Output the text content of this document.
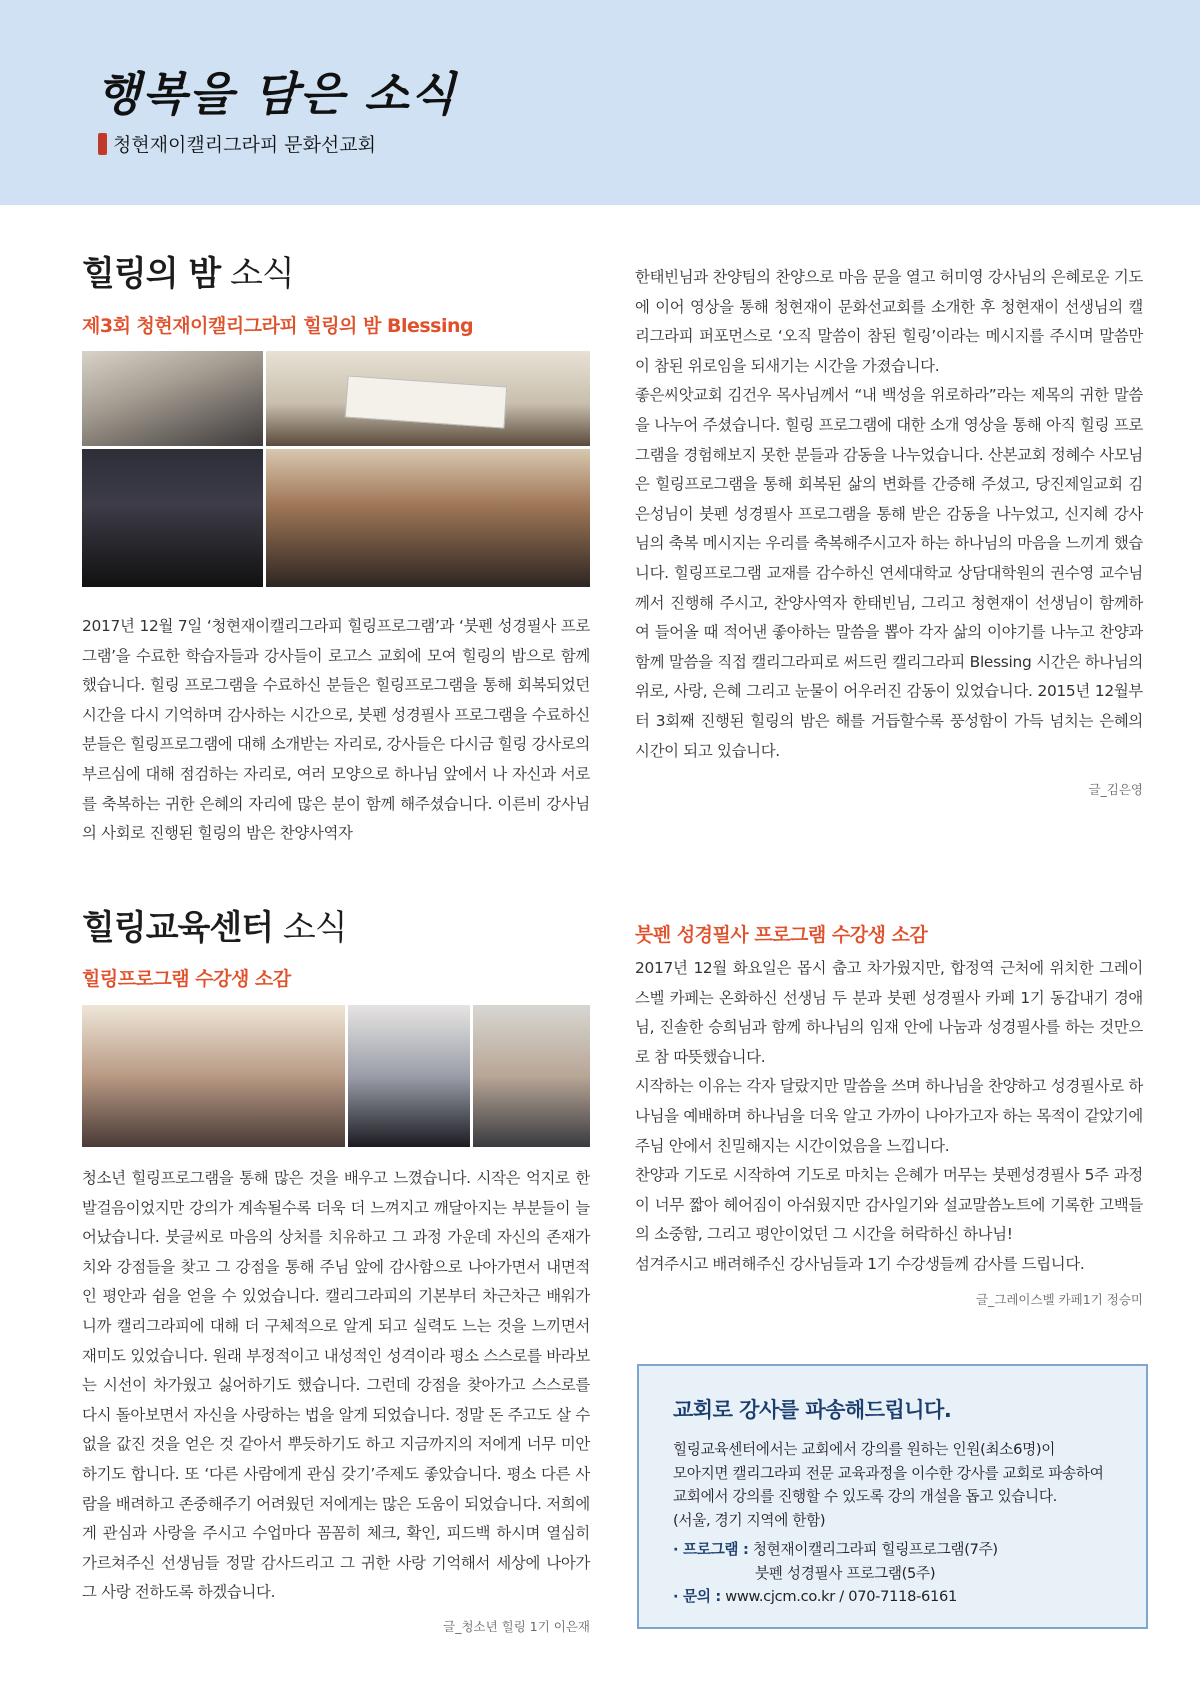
행복을 담은 소식
청현재이캘리그라피 문화선교회
힐링의 밤 소식
제3회 청현재이캘리그라피 힐링의 밤 Blessing
2017년 12월 7일 ‘청현재이캘리그라피 힐링프로그램’과 ‘붓펜 성경필사 프로그램’을 수료한 학습자들과 강사들이 로고스 교회에 모여 힐링의 밤으로 함께 했습니다. 힐링 프로그램을 수료하신 분들은 힐링프로그램을 통해 회복되었던 시간을 다시 기억하며 감사하는 시간으로, 붓펜 성경필사 프로그램을 수료하신 분들은 힐링프로그램에 대해 소개받는 자리로, 강사들은 다시금 힐링 강사로의 부르심에 대해 점검하는 자리로, 여러 모양으로 하나님 앞에서 나 자신과 서로를 축복하는 귀한 은혜의 자리에 많은 분이 함께 해주셨습니다. 이른비 강사님의 사회로 진행된 힐링의 밤은 찬양사역자

한태빈님과 찬양팀의 찬양으로 마음 문을 열고 허미영 강사님의 은혜로운 기도에 이어 영상을 통해 청현재이 문화선교회를 소개한 후 청현재이 선생님의 캘리그라피 퍼포먼스로 ‘오직 말씀이 참된 힐링’이라는 메시지를 주시며 말씀만이 참된 위로임을 되새기는 시간을 가졌습니다.

좋은씨앗교회 김건우 목사님께서 “내 백성을 위로하라”라는 제목의 귀한 말씀을 나누어 주셨습니다. 힐링 프로그램에 대한 소개 영상을 통해 아직 힐링 프로그램을 경험해보지 못한 분들과 감동을 나누었습니다. 산본교회 정혜수 사모님은 힐링프로그램을 통해 회복된 삶의 변화를 간증해 주셨고, 당진제일교회 김은성님이 붓펜 성경필사 프로그램을 통해 받은 감동을 나누었고, 신지혜 강사님의 축복 메시지는 우리를 축복해주시고자 하는 하나님의 마음을 느끼게 했습니다. 힐링프로그램 교재를 감수하신 연세대학교 상담대학원의 권수영 교수님께서 진행해 주시고, 찬양사역자 한태빈님, 그리고 청현재이 선생님이 함께하여 들어올 때 적어낸 좋아하는 말씀을 뽑아 각자 삶의 이야기를 나누고 찬양과 함께 말씀을 직접 캘리그라피로 써드린 캘리그라피 Blessing 시간은 하나님의 위로, 사랑, 은혜 그리고 눈물이 어우러진 감동이 있었습니다. 2015년 12월부터 3회째 진행된 힐링의 밤은 해를 거듭할수록 풍성함이 가득 넘치는 은혜의 시간이 되고 있습니다.

글_김은영
힐링교육센터 소식
힐링프로그램 수강생 소감
청소년 힐링프로그램을 통해 많은 것을 배우고 느꼈습니다. 시작은 억지로 한 발걸음이었지만 강의가 계속될수록 더욱 더 느껴지고 깨달아지는 부분들이 늘어났습니다. 붓글씨로 마음의 상처를 치유하고 그 과정 가운데 자신의 존재가치와 강점들을 찾고 그 강점을 통해 주님 앞에 감사함으로 나아가면서 내면적인 평안과 쉼을 얻을 수 있었습니다. 캘리그라피의 기본부터 차근차근 배워가니까 캘리그라피에 대해 더 구체적으로 알게 되고 실력도 느는 것을 느끼면서 재미도 있었습니다. 원래 부정적이고 내성적인 성격이라 평소 스스로를 바라보는 시선이 차가웠고 싫어하기도 했습니다. 그런데 강점을 찾아가고 스스로를 다시 돌아보면서 자신을 사랑하는 법을 알게 되었습니다. 정말 돈 주고도 살 수 없을 값진 것을 얻은 것 같아서 뿌듯하기도 하고 지금까지의 저에게 너무 미안하기도 합니다. 또 ‘다른 사람에게 관심 갖기’주제도 좋았습니다. 평소 다른 사람을 배려하고 존중해주기 어려웠던 저에게는 많은 도움이 되었습니다. 저희에게 관심과 사랑을 주시고 수업마다 꼼꼼히 체크, 확인, 피드백 하시며 열심히 가르쳐주신 선생님들 정말 감사드리고 그 귀한 사랑 기억해서 세상에 나아가 그 사랑 전하도록 하겠습니다.
글_청소년 힐링 1기 이은재
붓펜 성경필사 프로그램 수강생 소감

2017년 12월 화요일은 몹시 춥고 차가웠지만, 합정역 근처에 위치한 그레이스벨 카페는 온화하신 선생님 두 분과 붓펜 성경필사 카페 1기 동갑내기 경애님, 진솔한 승희님과 함께 하나님의 임재 안에 나눔과 성경필사를 하는 것만으로 참 따뜻했습니다.

시작하는 이유는 각자 달랐지만 말씀을 쓰며 하나님을 찬양하고 성경필사로 하나님을 예배하며 하나님을 더욱 알고 가까이 나아가고자 하는 목적이 같았기에 주님 안에서 친밀해지는 시간이었음을 느낍니다.

찬양과 기도로 시작하여 기도로 마치는 은혜가 머무는 붓펜성경필사 5주 과정이 너무 짧아 헤어짐이 아쉬웠지만 감사일기와 설교말씀노트에 기록한 고백들의 소중함, 그리고 평안이었던 그 시간을 허락하신 하나님!

섬겨주시고 배려해주신 강사님들과 1기 수강생들께 감사를 드립니다.

글_그레이스벨 카페1기 정승미
교회로 강사를 파송해드립니다.
힐링교육센터에서는 교회에서 강의를 원하는 인원(최소6명)이
모아지면 캘리그라피 전문 교육과정을 이수한 강사를 교회로 파송하여
교회에서 강의를 진행할 수 있도록 강의 개설을 돕고 있습니다.
(서울, 경기 지역에 한함)
· 프로그램 : 청현재이캘리그라피 힐링프로그램(7주)
붓펜 성경필사 프로그램(5주)
· 문의 : www.cjcm.co.kr / 070-7118-6161
